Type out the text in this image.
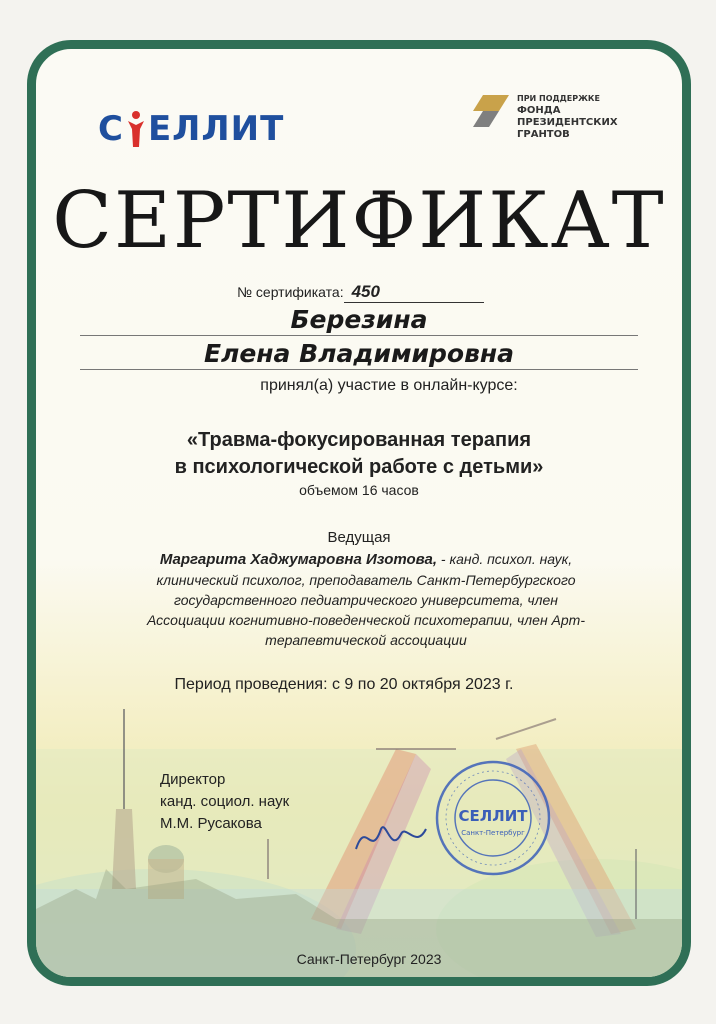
С ЕЛЛИТ
ПРИ ПОДДЕРЖКЕ
ФОНДА
ПРЕЗИДЕНТСКИХ
ГРАНТОВ
СЕРТИФИКАТ
№ сертификата: 450
Березина
Елена Владимировна
принял(а) участие в онлайн-курсе:
«Травма-фокусированная терапия
в психологической работе с детьми»
объемом 16 часов
Ведущая
Маргарита Хаджумаровна Изотова, - канд. психол. наук, клинический психолог, преподаватель Санкт-Петербургского государственного педиатрического университета, член Ассоциации когнитивно-поведенческой психотерапии, член Арт-терапевтической ассоциации
Период проведения: с 9 по 20 октября 2023 г.
Директор
канд. социол. наук
М.М. Русакова	СЕЛЛИТ
Санкт-Петербург
Санкт-Петербург 2023
